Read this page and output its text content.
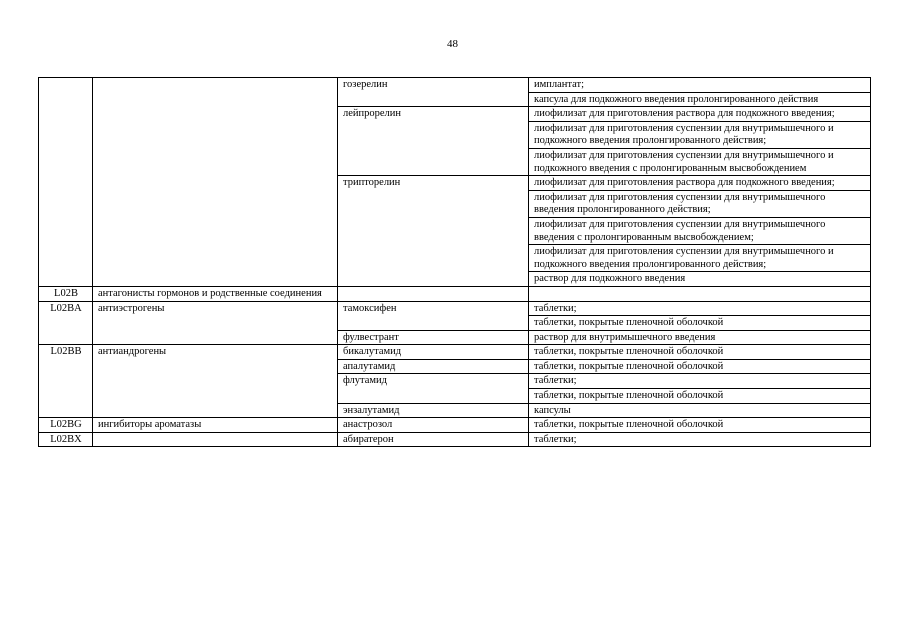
48
		гозерелин	имплантат;
			капсула для подкожного введения пролонгированного действия
		лейпрорелин	лиофилизат для приготовления раствора для подкожного введения;
			лиофилизат для приготовления суспензии для внутримышечного и подкожного введения пролонгированного действия;
			лиофилизат для приготовления суспензии для внутримышечного и подкожного введения с пролонгированным высвобождением
		трипторелин	лиофилизат для приготовления раствора для подкожного введения;
			лиофилизат для приготовления суспензии для внутримышечного введения пролонгированного действия;
			лиофилизат для приготовления суспензии для внутримышечного введения с пролонгированным высвобождением;
			лиофилизат для приготовления суспензии для внутримышечного и подкожного введения пролонгированного действия;
			раствор для подкожного введения
L02B	антагонисты гормонов и родственные соединения		
L02BA	антиэстрогены	тамоксифен	таблетки;
			таблетки, покрытые пленочной оболочкой
		фулвестрант	раствор для внутримышечного введения
L02BB	антиандрогены	бикалутамид	таблетки, покрытые пленочной оболочкой
		апалутамид	таблетки, покрытые пленочной оболочкой
		флутамид	таблетки;
			таблетки, покрытые пленочной оболочкой
		энзалутамид	капсулы
L02BG	ингибиторы ароматазы	анастрозол	таблетки, покрытые пленочной оболочкой
L02BX		абиратерон	таблетки;
